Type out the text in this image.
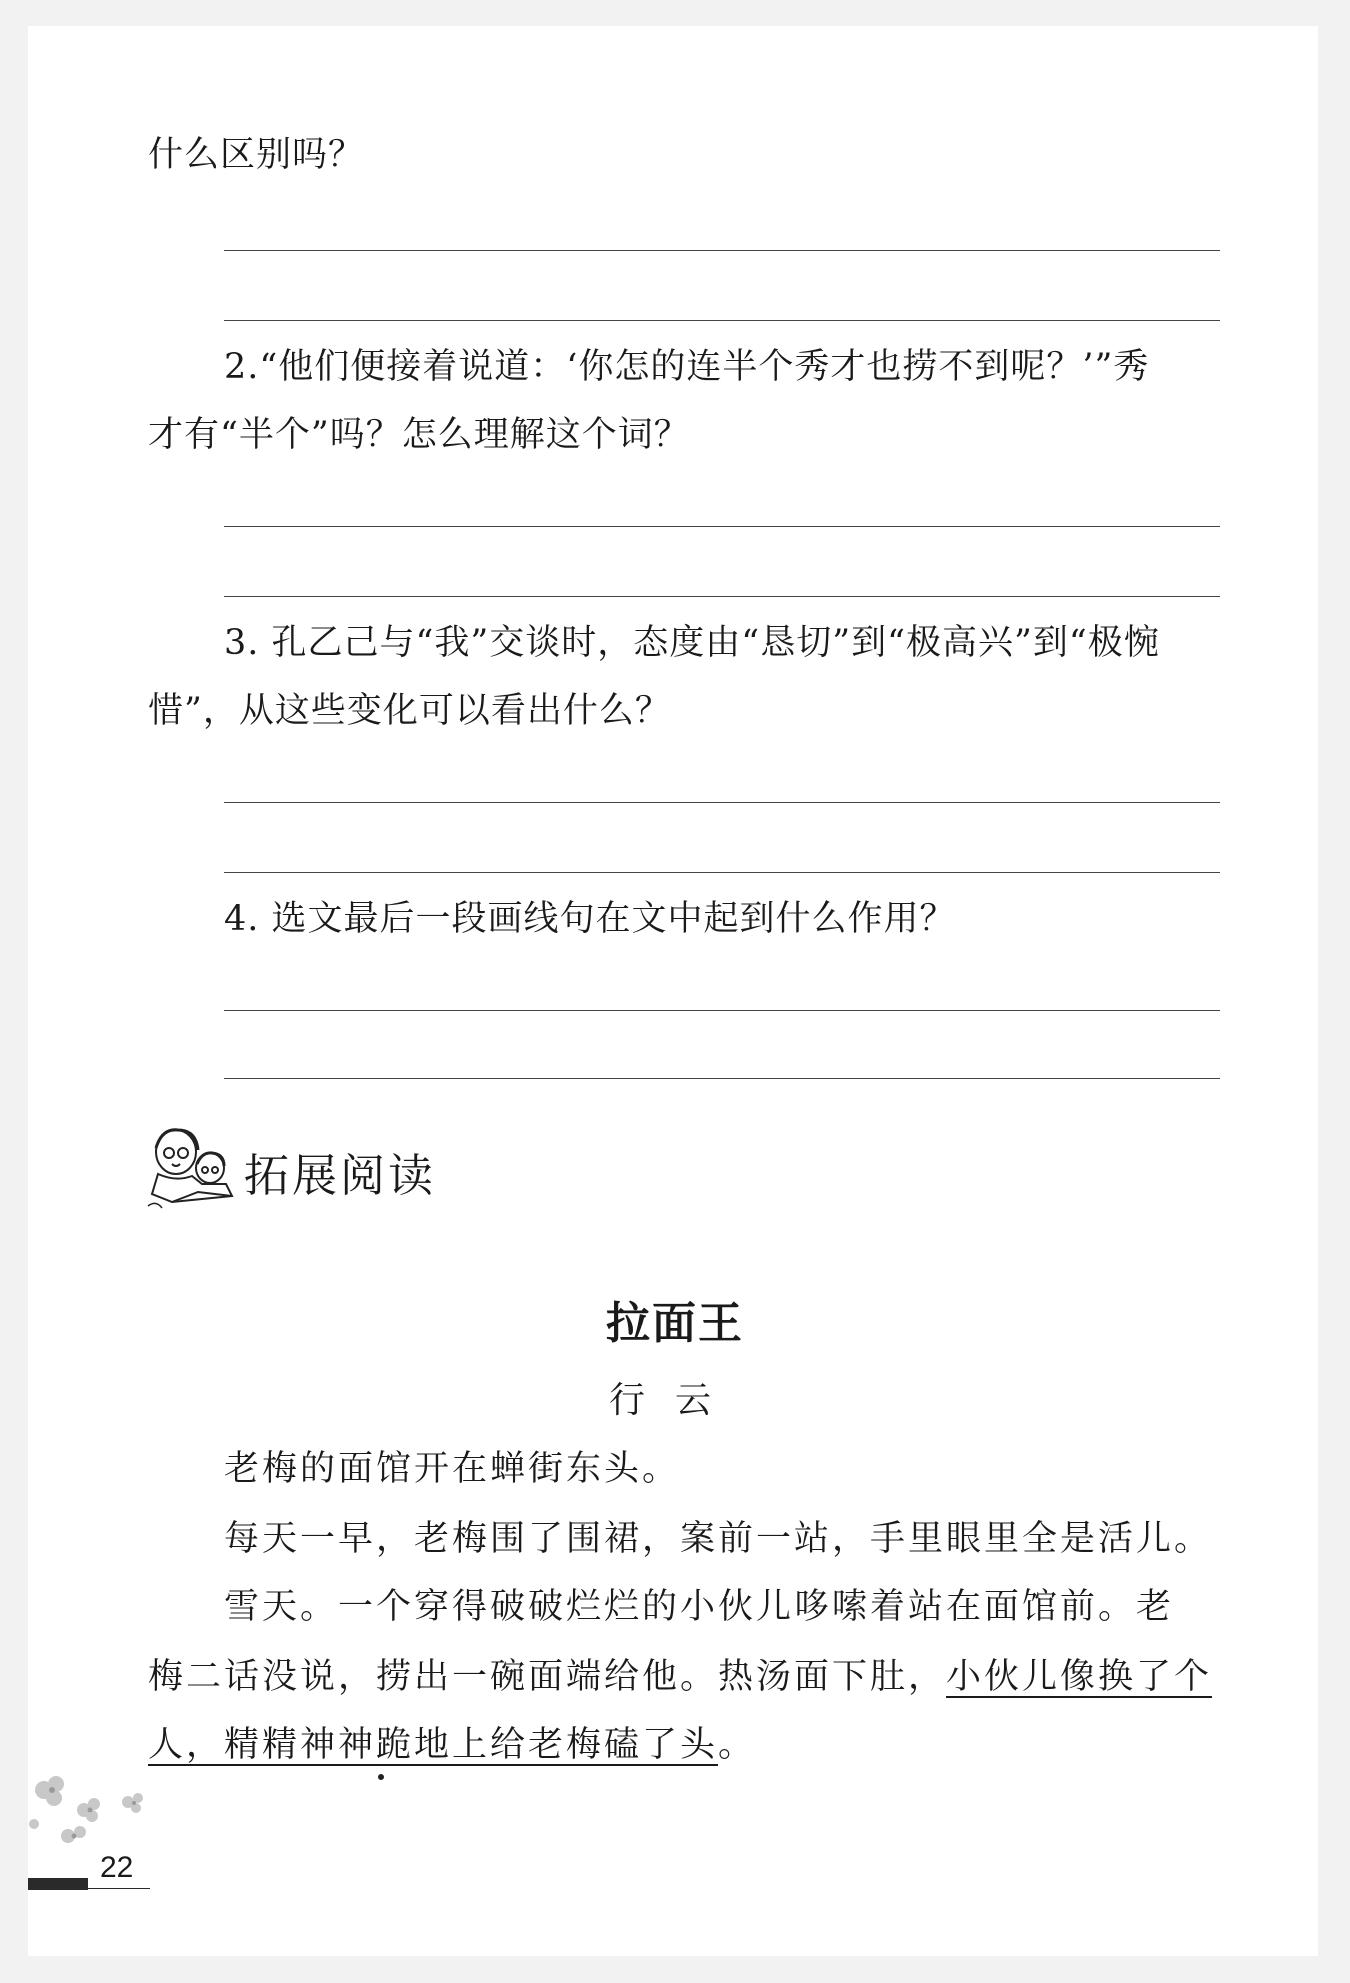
什么区别吗？
2.“他们便接着说道：‘你怎的连半个秀才也捞不到呢？’”秀
才有“半个”吗？怎么理解这个词？
3. 孔乙己与“我”交谈时，态度由“恳切”到“极高兴”到“极惋
惜”，从这些变化可以看出什么？
4. 选文最后一段画线句在文中起到什么作用？
拓展阅读
拉面王
行云
老梅的面馆开在蝉街东头。
每天一早，老梅围了围裙，案前一站，手里眼里全是活儿。
雪天。一个穿得破破烂烂的小伙儿哆嗦着站在面馆前。老
梅二话没说，捞出一碗面端给他。热汤面下肚，小伙儿像换了个
人，精精神神跪地上给老梅磕了头。
22
